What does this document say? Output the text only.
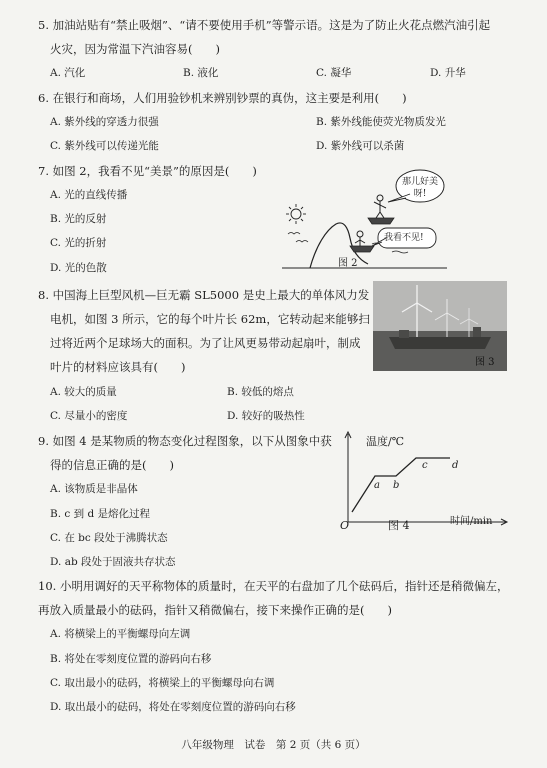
5. 加油站贴有“禁止吸烟”、“请不要使用手机”等警示语。这是为了防止火花点燃汽油引起
火灾，因为常温下汽油容易(　　)
A. 汽化	B. 液化	C. 凝华	D. 升华
6. 在银行和商场，人们用验钞机来辨别钞票的真伪，这主要是利用(　　)
A. 紫外线的穿透力很强	B. 紫外线能使荧光物质发光
C. 紫外线可以传递光能	D. 紫外线可以杀菌
7. 如图 2，我看不见“美景”的原因是(　　)
A. 光的直线传播
B. 光的反射
C. 光的折射
D. 光的色散
那儿好美呀!
我看不见!
图 2
8. 中国海上巨型风机—巨无霸 SL5000 是史上最大的单体风力发
电机，如图 3 所示，它的每个叶片长 62m，它转动起来能够扫
过将近两个足球场大的面积。为了让风更易带动起扇叶，制成
叶片的材料应该具有(　　)
A. 较大的质量	B. 较低的熔点
C. 尽量小的密度	D. 较好的吸热性
图 3
9. 如图 4 是某物质的物态变化过程图象，以下从图象中获
得的信息正确的是(　　)
A. 该物质是非晶体
B. c 到 d 是熔化过程
C. 在 bc 段处于沸腾状态
D. ab 段处于固液共存状态
温度/℃
O
a b
c d
图 4	时间/min
10. 小明用调好的天平称物体的质量时，在天平的右盘加了几个砝码后，指针还是稍微偏左，
再放入质量最小的砝码，指针又稍微偏右，接下来操作正确的是(　　)
A. 将横梁上的平衡螺母向左调
B. 将处在零刻度位置的游码向右移
C. 取出最小的砝码，将横梁上的平衡螺母向右调
D. 取出最小的砝码，将处在零刻度位置的游码向右移
八年级物理　试卷　第 2 页（共 6 页）
